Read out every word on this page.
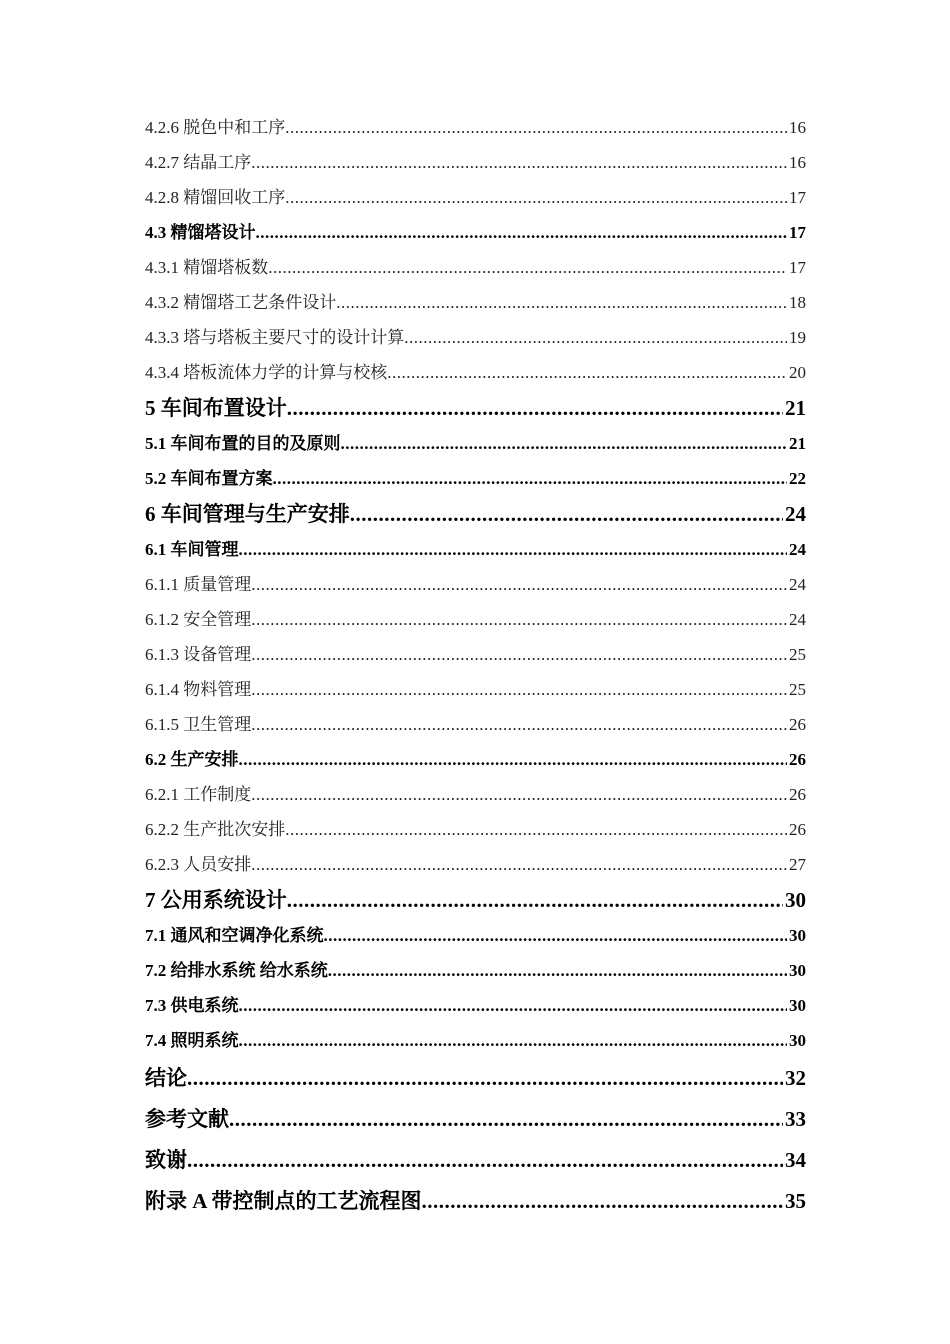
4.2.6 脱色中和工序 .....	16
4.2.7 结晶工序 .....	16
4.2.8 精馏回收工序 .....	17
4.3 精馏塔设计 .....	17
4.3.1 精馏塔板数 .....	17
4.3.2 精馏塔工艺条件设计 .....	18
4.3.3 塔与塔板主要尺寸的设计计算 .....	19
4.3.4 塔板流体力学的计算与校核 .....	20
5 车间布置设计 .....	21
5.1 车间布置的目的及原则 .....	21
5.2 车间布置方案 .....	22
6 车间管理与生产安排 .....	24
6.1 车间管理 .....	24
6.1.1 质量管理 .....	24
6.1.2 安全管理 .....	24
6.1.3 设备管理 .....	25
6.1.4 物料管理 .....	25
6.1.5 卫生管理 .....	26
6.2 生产安排 .....	26
6.2.1 工作制度 .....	26
6.2.2 生产批次安排 .....	26
6.2.3 人员安排 .....	27
7 公用系统设计 .....	30
7.1 通风和空调净化系统 .....	30
7.2 给排水系统 给水系统 .....	30
7.3 供电系统 .....	30
7.4 照明系统 .....	30
结论 .....	32
参考文献 .....	33
致谢 .....	34
附录 A 带控制点的工艺流程图 .....	35
